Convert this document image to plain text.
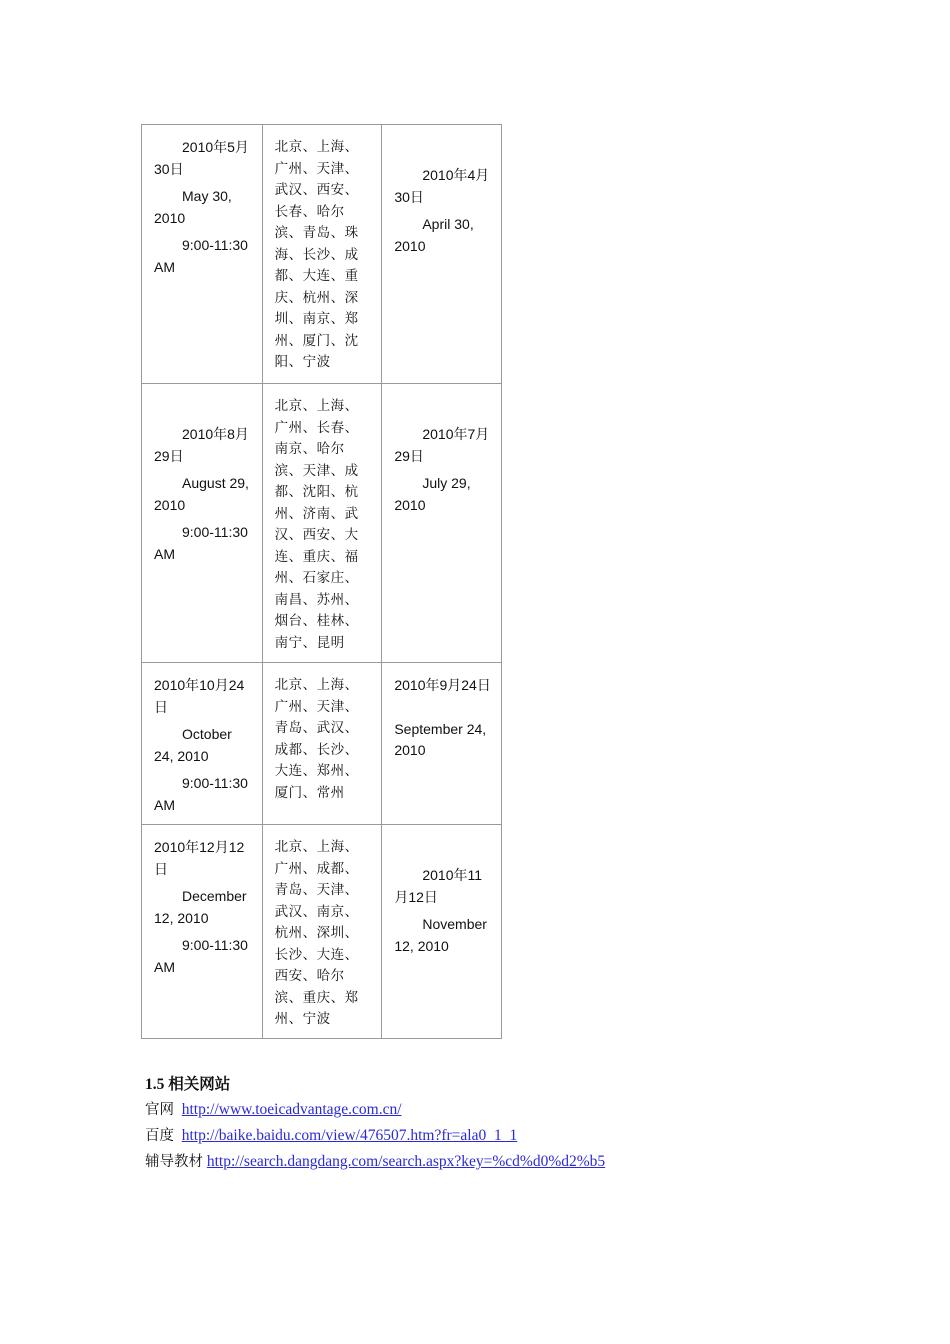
2010年5月30日

May 30, 2010

9:00-11:30 AM

北京、上海、广州、天津、武汉、西安、长春、哈尔滨、青岛、珠海、长沙、成都、大连、重庆、杭州、深圳、南京、郑州、厦门、沈阳、宁波

2010年4月30日

April 30, 2010

2010年8月29日

August 29, 2010

9:00-11:30 AM

北京、上海、广州、长春、南京、哈尔滨、天津、成都、沈阳、杭州、济南、武汉、西安、大连、重庆、福州、石家庄、南昌、苏州、烟台、桂林、南宁、昆明

2010年7月29日

July 29, 2010

2010年10月24日

October 24, 2010

9:00-11:30 AM

北京、上海、广州、天津、青岛、武汉、成都、长沙、大连、郑州、厦门、常州

2010年9月24日

September 24, 2010

2010年12月12日

December 12, 2010

9:00-11:30 AM

北京、上海、广州、成都、青岛、天津、武汉、南京、杭州、深圳、长沙、大连、西安、哈尔滨、重庆、郑州、宁波

2010年11月12日

November 12, 2010

1.5 相关网站
官网 http://www.toeicadvantage.com.cn/
百度 http://baike.baidu.com/view/476507.htm?fr=ala0_1_1
辅导教材 http://search.dangdang.com/search.aspx?key=%cd%d0%d2%b5
